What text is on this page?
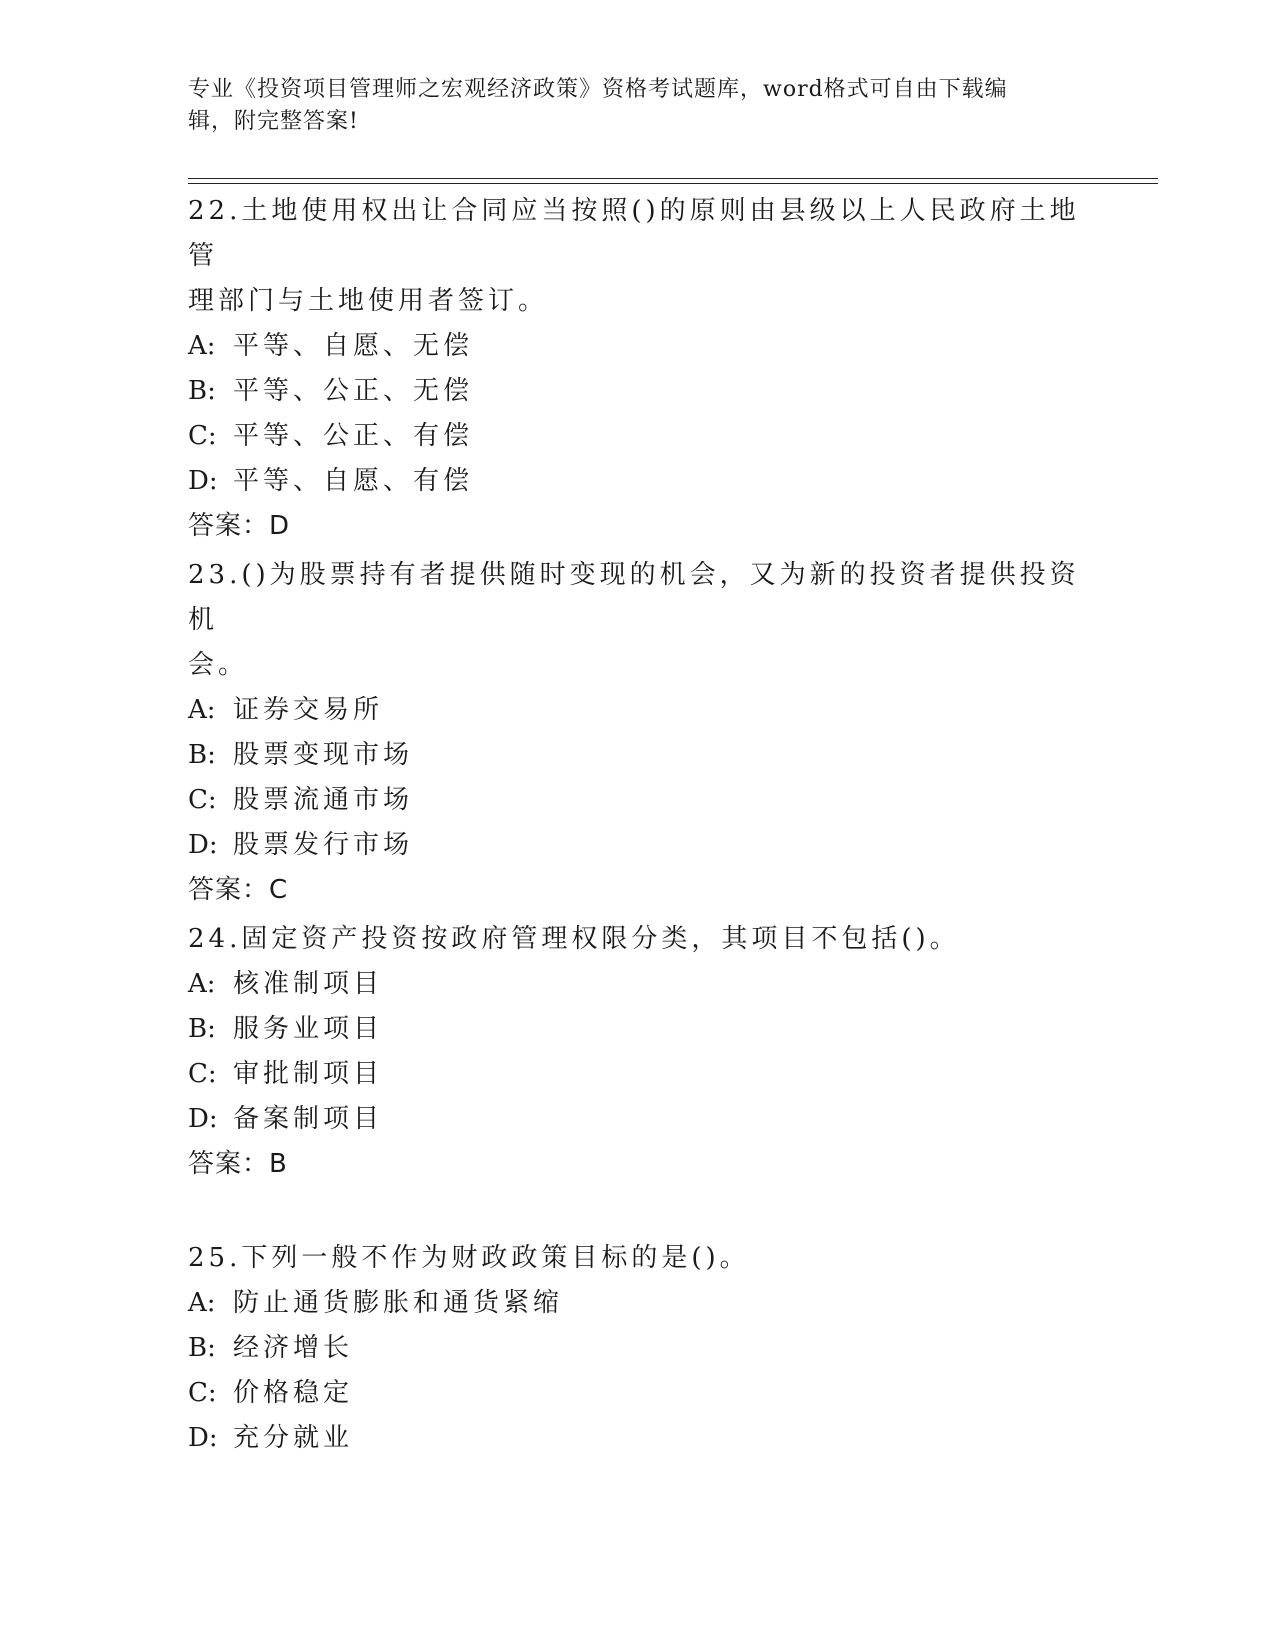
专业《投资项目管理师之宏观经济政策》资格考试题库，word格式可自由下载编
辑，附完整答案!
22.土地使用权出让合同应当按照()的原则由县级以上人民政府土地管
理部门与土地使用者签订。
A: 平等、自愿、无偿
B: 平等、公正、无偿
C: 平等、公正、有偿
D: 平等、自愿、有偿
答案：D
23.()为股票持有者提供随时变现的机会，又为新的投资者提供投资机
会。
A: 证券交易所
B: 股票变现市场
C: 股票流通市场
D: 股票发行市场
答案：C
24.固定资产投资按政府管理权限分类，其项目不包括()。
A: 核准制项目
B: 服务业项目
C: 审批制项目
D: 备案制项目
答案：B
25.下列一般不作为财政政策目标的是()。
A: 防止通货膨胀和通货紧缩
B: 经济增长
C: 价格稳定
D: 充分就业
